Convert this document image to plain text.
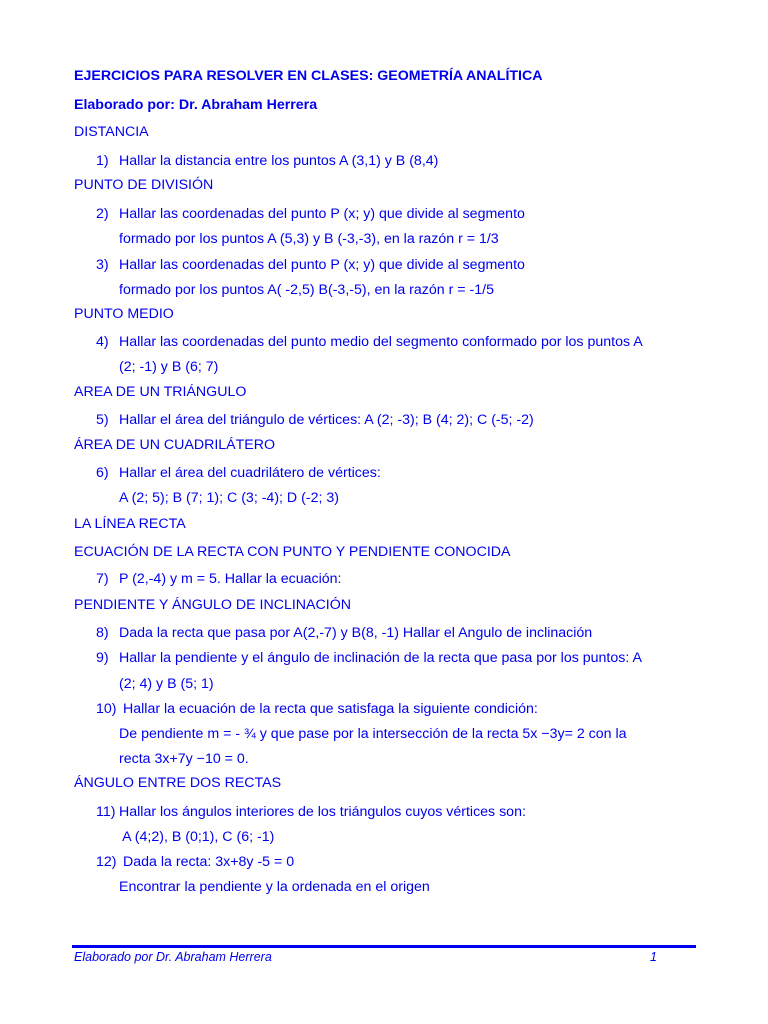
EJERCICIOS PARA RESOLVER EN CLASES: GEOMETRÍA ANALÍTICA
Elaborado por: Dr. Abraham Herrera
DISTANCIA
1) Hallar la distancia entre los puntos A (3,1) y B (8,4)
PUNTO DE DIVISIÓN
2) Hallar las coordenadas del punto P (x; y) que divide al segmento
formado por los puntos A (5,3) y B (-3,-3), en la razón r = 1/3
3) Hallar las coordenadas del punto P (x; y) que divide al segmento
formado por los puntos A( -2,5) B(-3,-5), en la razón r = -1/5
PUNTO MEDIO
4) Hallar las coordenadas del punto medio del segmento conformado por los puntos A
(2; -1) y B (6; 7)
AREA DE UN TRIÁNGULO
5) Hallar el área del triángulo de vértices: A (2; -3); B (4; 2); C (-5; -2)
ÁREA DE UN CUADRILÁTERO
6) Hallar el área del cuadrilátero de vértices:
A (2; 5); B (7; 1); C (3; -4); D (-2; 3)
LA LÍNEA RECTA
ECUACIÓN DE LA RECTA CON PUNTO Y PENDIENTE CONOCIDA
7) P (2,-4) y m = 5. Hallar la ecuación:
PENDIENTE Y ÁNGULO DE INCLINACIÓN
8) Dada la recta que pasa por A(2,-7) y B(8, -1) Hallar el Angulo de inclinación
9) Hallar la pendiente y el ángulo de inclinación de la recta que pasa por los puntos: A
(2; 4) y B (5; 1)
10) Hallar la ecuación de la recta que satisfaga la siguiente condición:
De pendiente m = - ¾ y que pase por la intersección de la recta 5x −3y= 2 con la
recta 3x+7y −10 = 0.
ÁNGULO ENTRE DOS RECTAS
11) Hallar los ángulos interiores de los triángulos cuyos vértices son:
A (4;2), B (0;1), C (6; -1)
12) Dada la recta: 3x+8y -5 = 0
Encontrar la pendiente y la ordenada en el origen
Elaborado por Dr. Abraham Herrera	1
